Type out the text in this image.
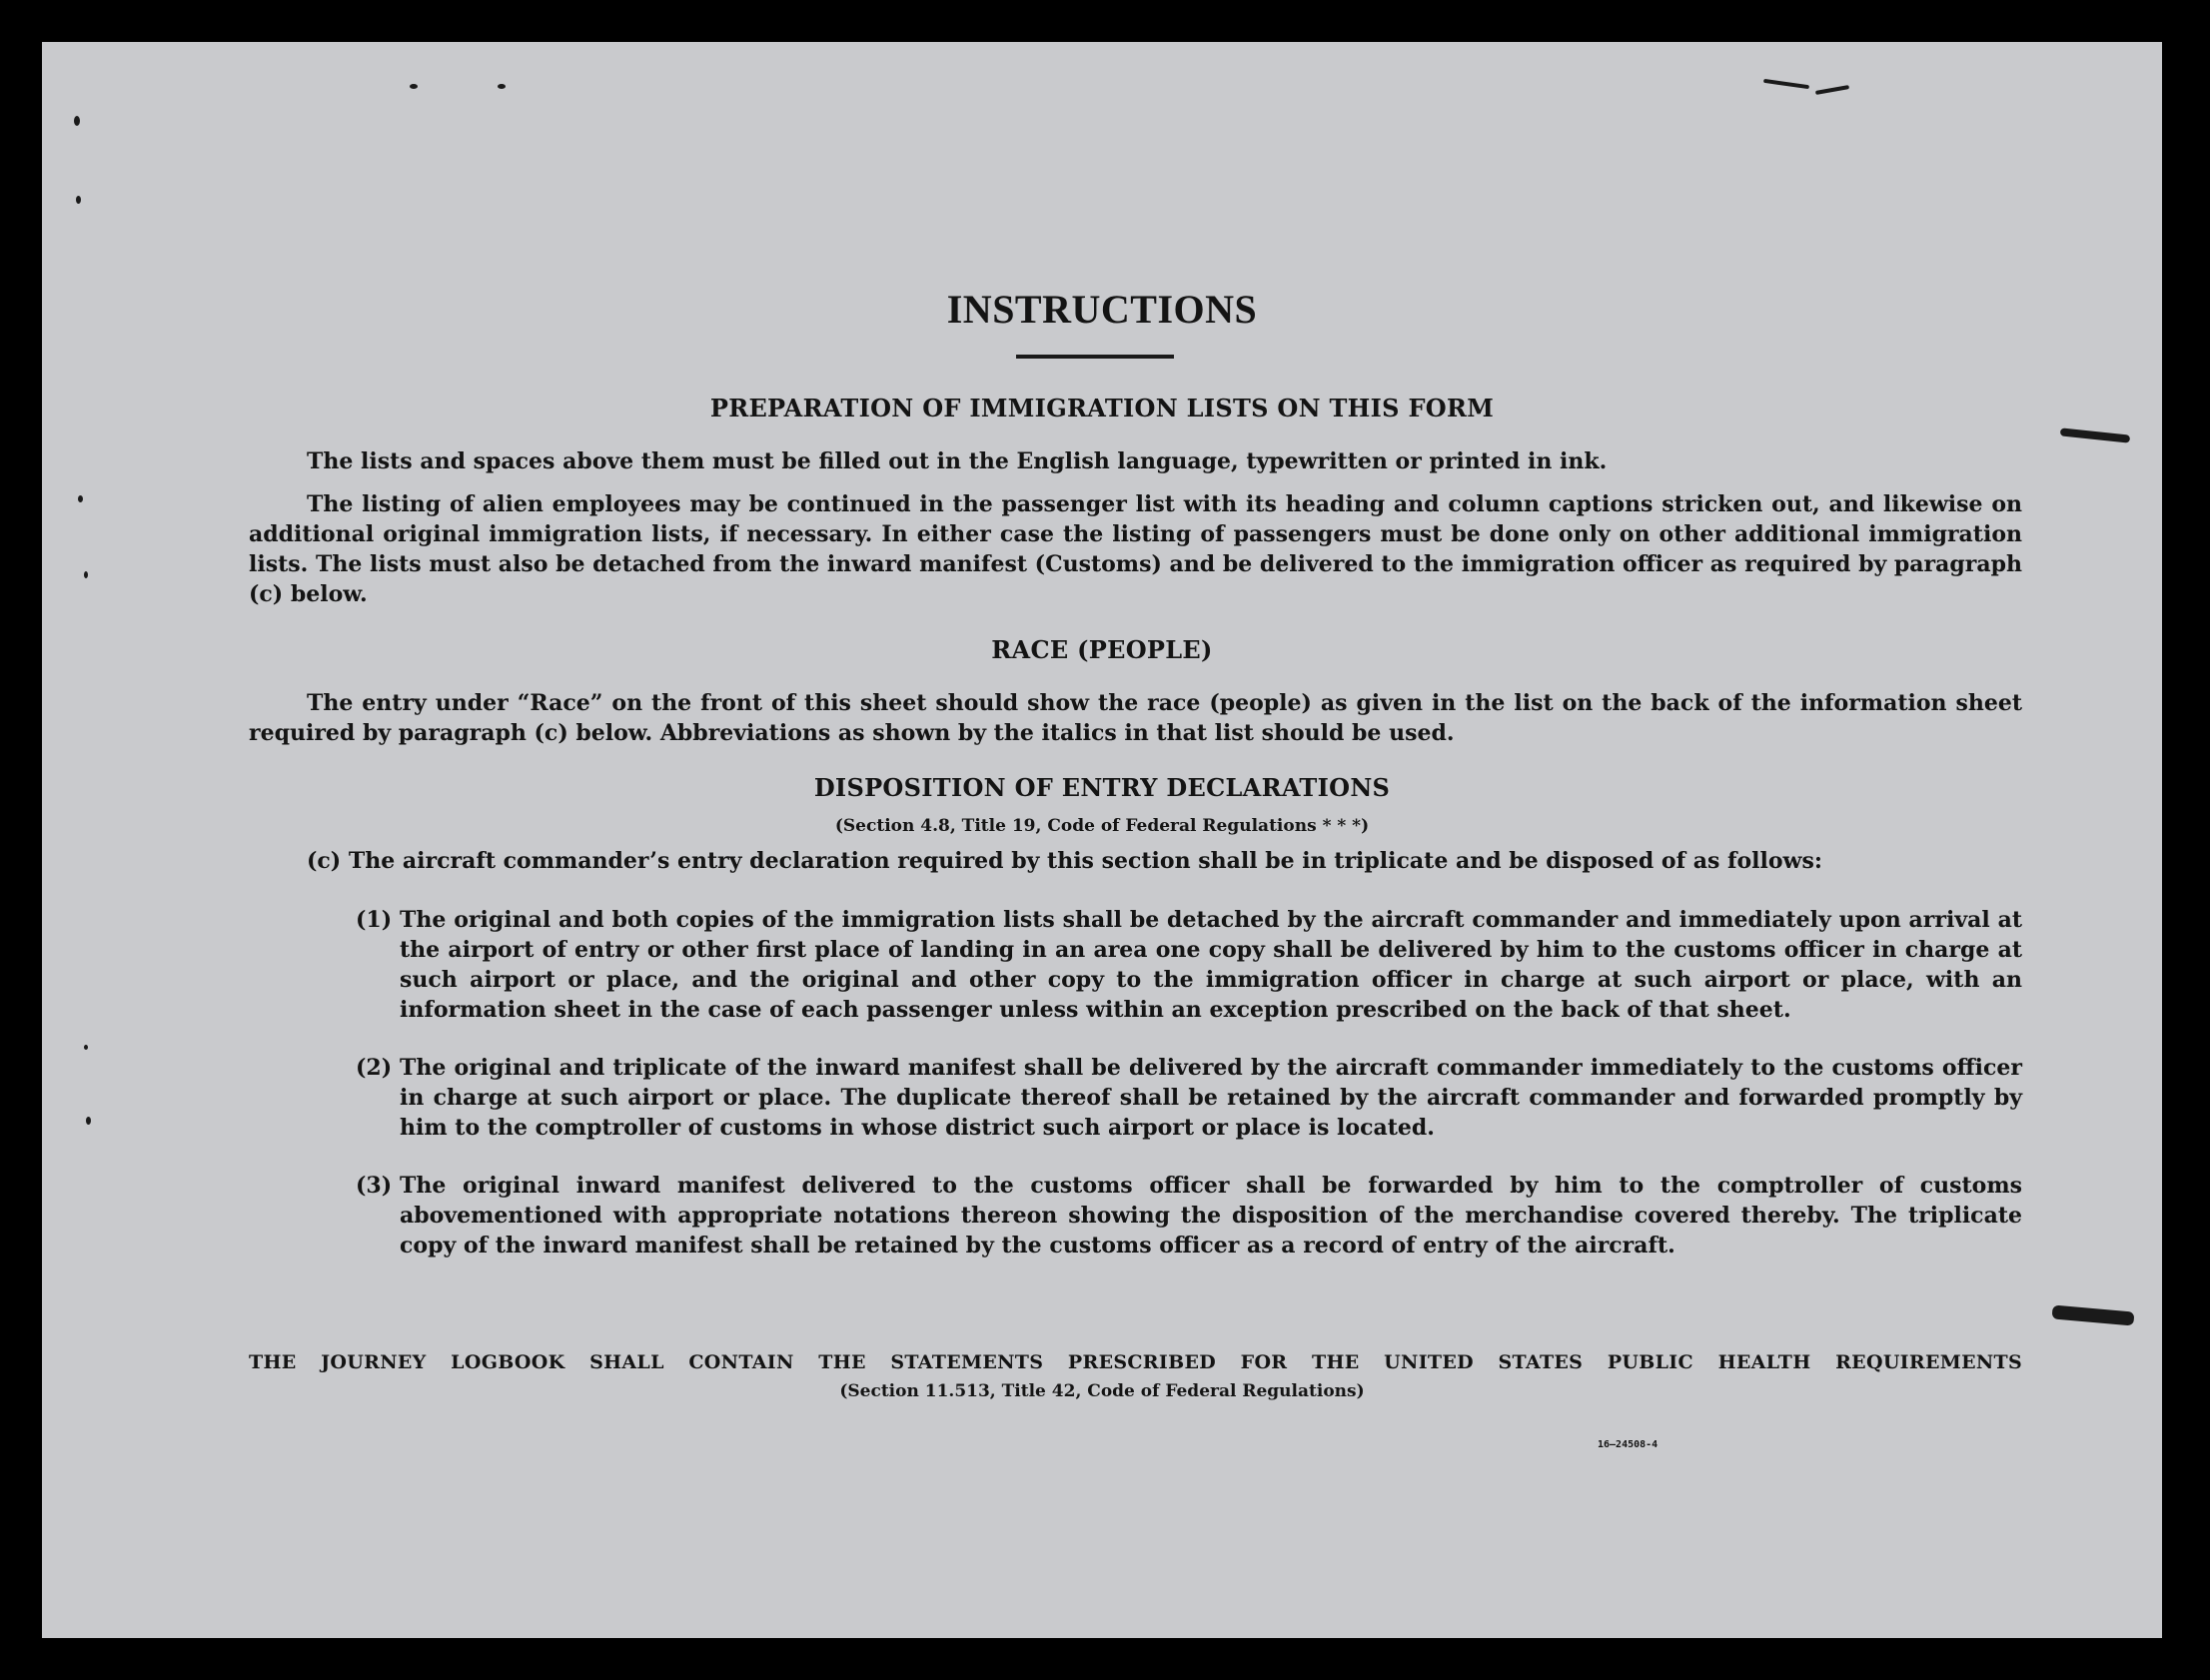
INSTRUCTIONS
PREPARATION OF IMMIGRATION LISTS ON THIS FORM
The lists and spaces above them must be filled out in the English language, typewritten or printed in ink.
The listing of alien employees may be continued in the passenger list with its heading and column captions stricken out, and likewise on additional original immigration lists, if necessary. In either case the listing of passengers must be done only on other additional immigration lists. The lists must also be detached from the inward manifest (Customs) and be delivered to the immigration officer as required by paragraph (c) below.
RACE (PEOPLE)
The entry under “Race” on the front of this sheet should show the race (people) as given in the list on the back of the information sheet required by paragraph (c) below. Abbreviations as shown by the italics in that list should be used.
DISPOSITION OF ENTRY DECLARATIONS
(Section 4.8, Title 19, Code of Federal Regulations * * *)
(c) The aircraft commander’s entry declaration required by this section shall be in triplicate and be disposed of as follows:
(1) The original and both copies of the immigration lists shall be detached by the aircraft commander and immediately upon arrival at the airport of entry or other first place of landing in an area one copy shall be delivered by him to the customs officer in charge at such airport or place, and the original and other copy to the immigration officer in charge at such airport or place, with an information sheet in the case of each passenger unless within an exception prescribed on the back of that sheet.
(2) The original and triplicate of the inward manifest shall be delivered by the aircraft commander immediately to the customs officer in charge at such airport or place. The duplicate thereof shall be retained by the aircraft commander and forwarded promptly by him to the comptroller of customs in whose district such airport or place is located.
(3) The original inward manifest delivered to the customs officer shall be forwarded by him to the comptroller of customs abovementioned with appropriate notations thereon showing the disposition of the merchandise covered thereby. The triplicate copy of the inward manifest shall be retained by the customs officer as a record of entry of the aircraft.
THE JOURNEY LOGBOOK SHALL CONTAIN THE STATEMENTS PRESCRIBED FOR THE UNITED STATES PUBLIC HEALTH REQUIREMENTS
(Section 11.513, Title 42, Code of Federal Regulations)
16—24508-4
